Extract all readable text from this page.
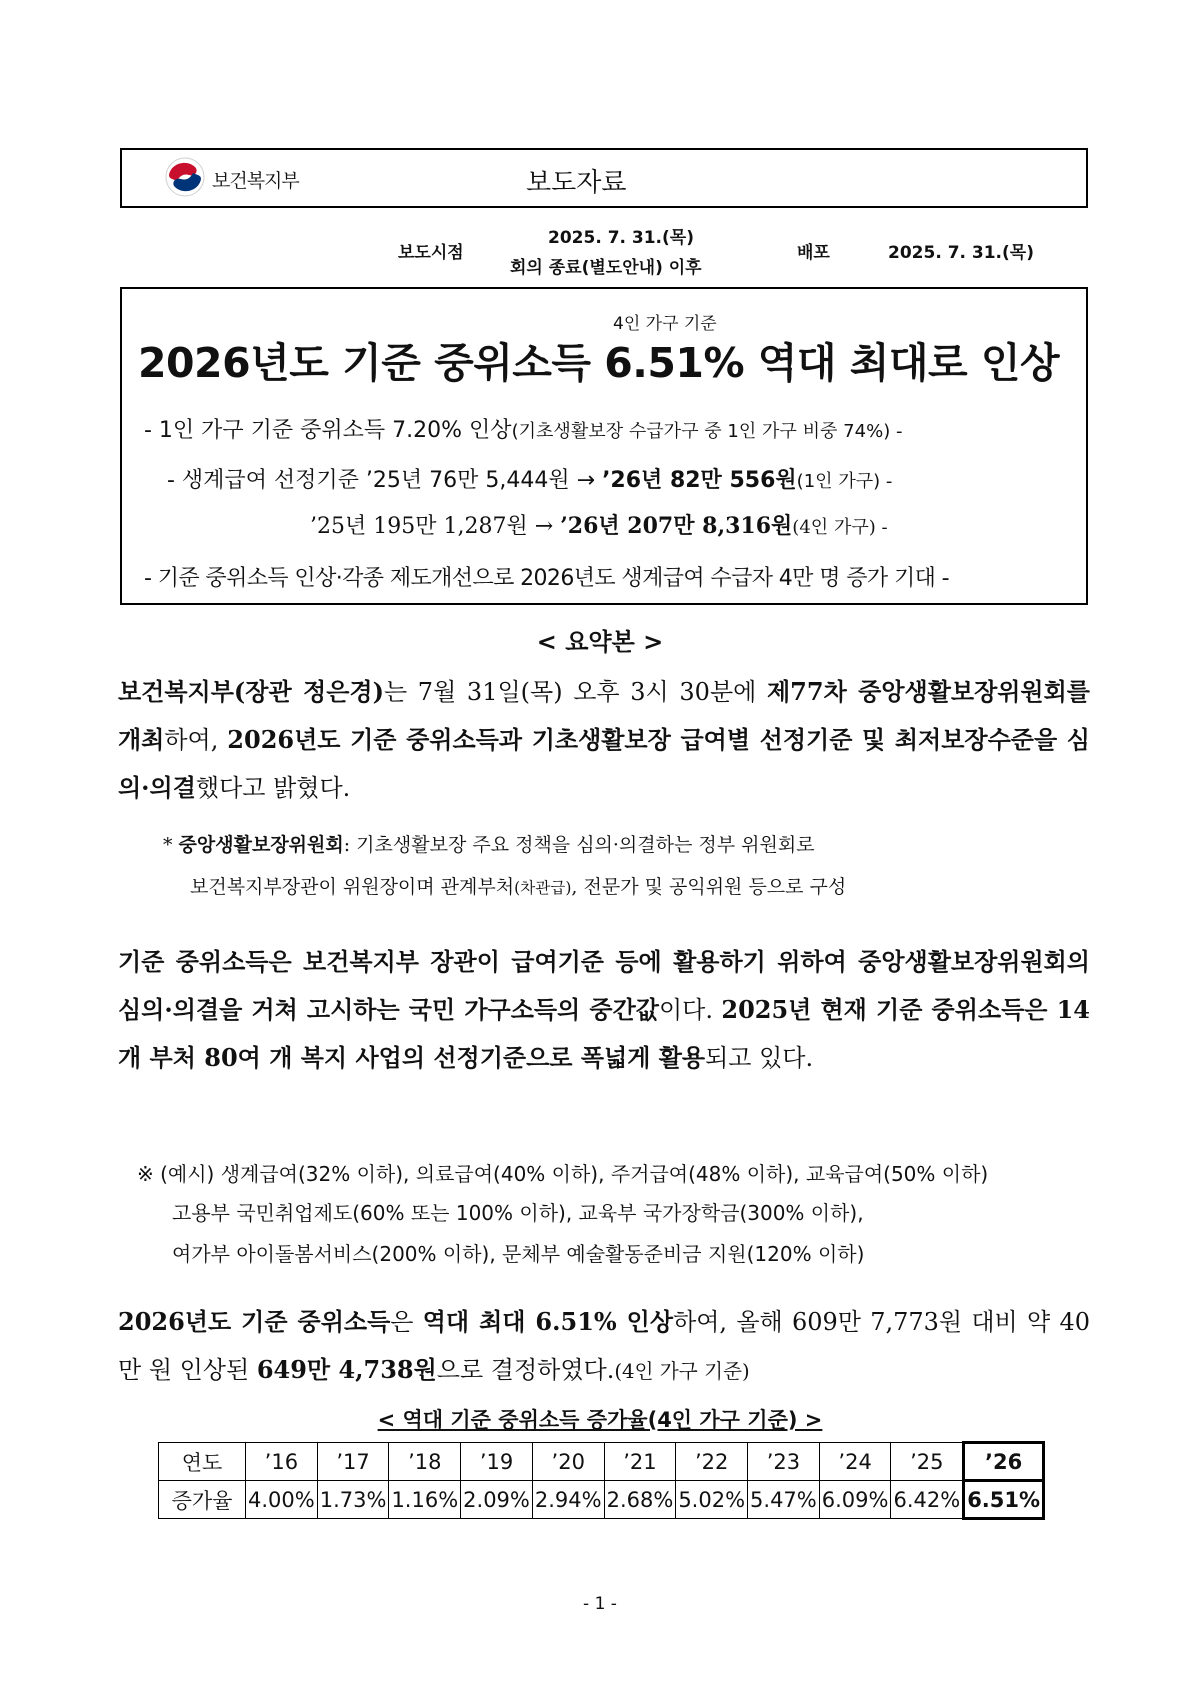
보건복지부	보도자료
보도시점
2025. 7. 31.(목)
회의 종료(별도안내) 이후
배포	2025. 7. 31.(목)
4인 가구 기준
2026년도 기준 중위소득 6.51% 역대 최대로 인상
- 1인 가구 기준 중위소득 7.20% 인상(기초생활보장 수급가구 중 1인 가구 비중 74%) -
- 생계급여 선정기준 ’25년 76만 5,444원 → ’26년 82만 556원(1인 가구) -
’25년 195만 1,287원 → ’26년 207만 8,316원(4인 가구) -
- 기준 중위소득 인상·각종 제도개선으로 2026년도 생계급여 수급자 4만 명 증가 기대 -
< 요약본 >

보건복지부(장관 정은경)는 7월 31일(목) 오후 3시 30분에 제77차 중앙생활보장위원회를 개최하여, 2026년도 기준 중위소득과 기초생활보장 급여별 선정기준 및 최저보장수준을 심의·의결했다고 밝혔다.

* 중앙생활보장위원회: 기초생활보장 주요 정책을 심의·의결하는 정부 위원회로
보건복지부장관이 위원장이며 관계부처(차관급), 전문가 및 공익위원 등으로 구성

기준 중위소득은 보건복지부 장관이 급여기준 등에 활용하기 위하여 중앙생활보장위원회의 심의·의결을 거쳐 고시하는 국민 가구소득의 중간값이다. 2025년 현재 기준 중위소득은 14개 부처 80여 개 복지 사업의 선정기준으로 폭넓게 활용되고 있다.

※ (예시) 생계급여(32% 이하), 의료급여(40% 이하), 주거급여(48% 이하), 교육급여(50% 이하)
고용부 국민취업제도(60% 또는 100% 이하), 교육부 국가장학금(300% 이하),
여가부 아이돌봄서비스(200% 이하), 문체부 예술활동준비금 지원(120% 이하)

2026년도 기준 중위소득은 역대 최대 6.51% 인상하여, 올해 609만 7,773원 대비 약 40만 원 인상된 649만 4,738원으로 결정하였다.(4인 가구 기준)

< 역대 기준 중위소득 증가율(4인 가구 기준) >
연도	’16	’17	’18	’19	’20	’21	’22	’23	’24	’25	’26
증가율	4.00%	1.73%	1.16%	2.09%	2.94%	2.68%	5.02%	5.47%	6.09%	6.42%	6.51%
- 1 -
